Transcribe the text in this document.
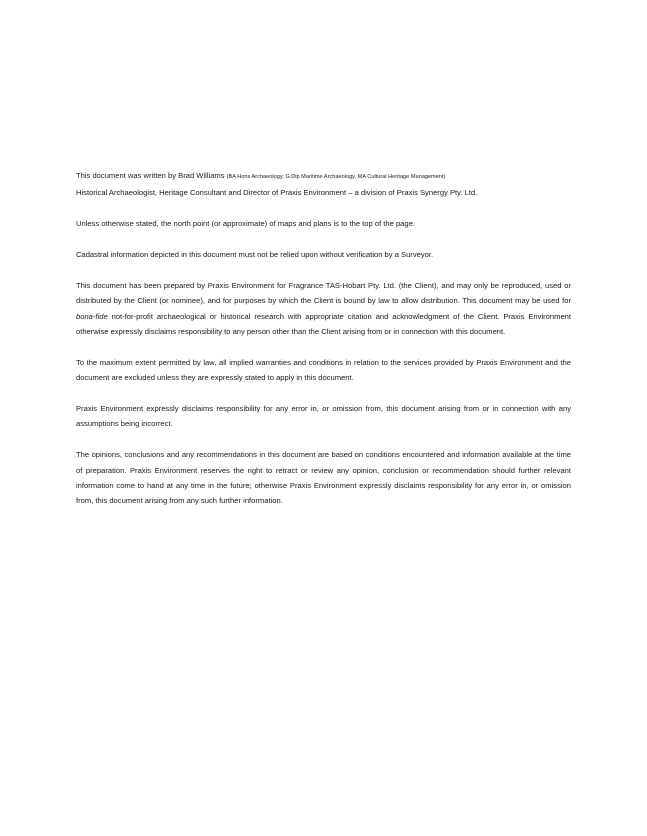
This document was written by Brad Williams (BA Hons Archaeology, G.Dip Maritime Archaeology, MA Cultural Heritage Management)
Historical Archaeologist, Heritage Consultant and Director of Praxis Environment – a division of Praxis Synergy Pty. Ltd.

Unless otherwise stated, the north point (or approximate) of maps and plans is to the top of the page.

Cadastral information depicted in this document must not be relied upon without verification by a Surveyor.

This document has been prepared by Praxis Environment for Fragrance TAS-Hobart Pty. Ltd. (the Client), and may only be reproduced, used or distributed by the Client (or nominee), and for purposes by which the Client is bound by law to allow distribution. This document may be used for bona-fide not-for-profit archaeological or historical research with appropriate citation and acknowledgment of the Client. Praxis Environment otherwise expressly disclaims responsibility to any person other than the Client arising from or in connection with this document.

To the maximum extent permitted by law, all implied warranties and conditions in relation to the services provided by Praxis Environment and the document are excluded unless they are expressly stated to apply in this document.

Praxis Environment expressly disclaims responsibility for any error in, or omission from, this document arising from or in connection with any assumptions being incorrect.

The opinions, conclusions and any recommendations in this document are based on conditions encountered and information available at the time of preparation. Praxis Environment reserves the right to retract or review any opinion, conclusion or recommendation should further relevant information come to hand at any time in the future; otherwise Praxis Environment expressly disclaims responsibility for any error in, or omission from, this document arising from any such further information.
